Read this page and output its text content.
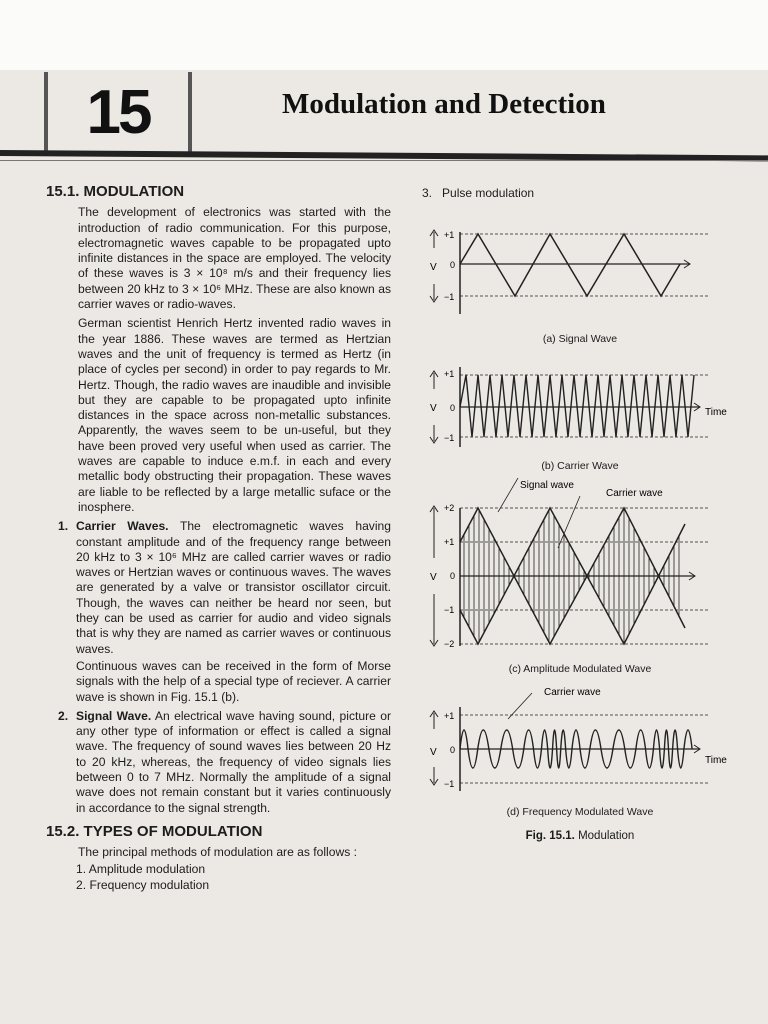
15	Modulation and Detection
15.1. MODULATION

The development of electronics was started with the introduction of radio communication. For this purpose, electromagnetic waves capable to be propagated upto infinite distances in the space are employed. The velocity of these waves is 3 × 10⁸ m/s and their frequency lies between 20 kHz to 3 × 10⁶ MHz. These are also known as carrier waves or radio-waves.

German scientist Henrich Hertz invented radio waves in the year 1886. These waves are termed as Hertzian waves and the unit of frequency is termed as Hertz (in place of cycles per second) in order to pay regards to Mr. Hertz. Though, the radio waves are inaudible and invisible but they are capable to be propagated upto infinite distances in the space across non-metallic substances. Apparently, the waves seem to be un-useful, but they have been proved very useful when used as carrier. The waves are capable to induce e.m.f. in each and every metallic body obstructing their propagation. These waves are liable to be reflected by a large metallic suface or the inosphere.

1. Carrier Waves. The electromagnetic waves having constant amplitude and of the frequency range between 20 kHz to 3 × 10⁶ MHz are called carrier waves or radio waves or Hertzian waves or continuous waves. The waves are generated by a valve or transistor oscillator circuit. Though, the waves can neither be heard nor seen, but they can be used as carrier for audio and video signals that is why they are named as carrier waves or continuous waves.

Continuous waves can be received in the form of Morse signals with the help of a special type of reciever. A carrier wave is shown in Fig. 15.1 (b).

2. Signal Wave. An electrical wave having sound, picture or any other type of information or effect is called a signal wave. The frequency of sound waves lies between 20 Hz to 20 kHz, whereas, the frequency of video signals lies between 0 to 7 MHz. Normally the amplitude of a signal wave does not remain constant but it varies continuously in accordance to the signal strength.
15.2. TYPES OF MODULATION

The principal methods of modulation are as follows :

1. Amplitude modulation
2. Frequency modulation
3. Pulse modulation
+1
0
−1
V
(a) Signal Wave
+1
0
−1
V	Time
(b) Carrier Wave
Signal wave
Carrier wave
+2
+1
0
−1
−2
V
(c) Amplitude Modulated Wave
Carrier wave
+1
0
−1
V
Time
(d) Frequency Modulated Wave
Fig. 15.1. Modulation
